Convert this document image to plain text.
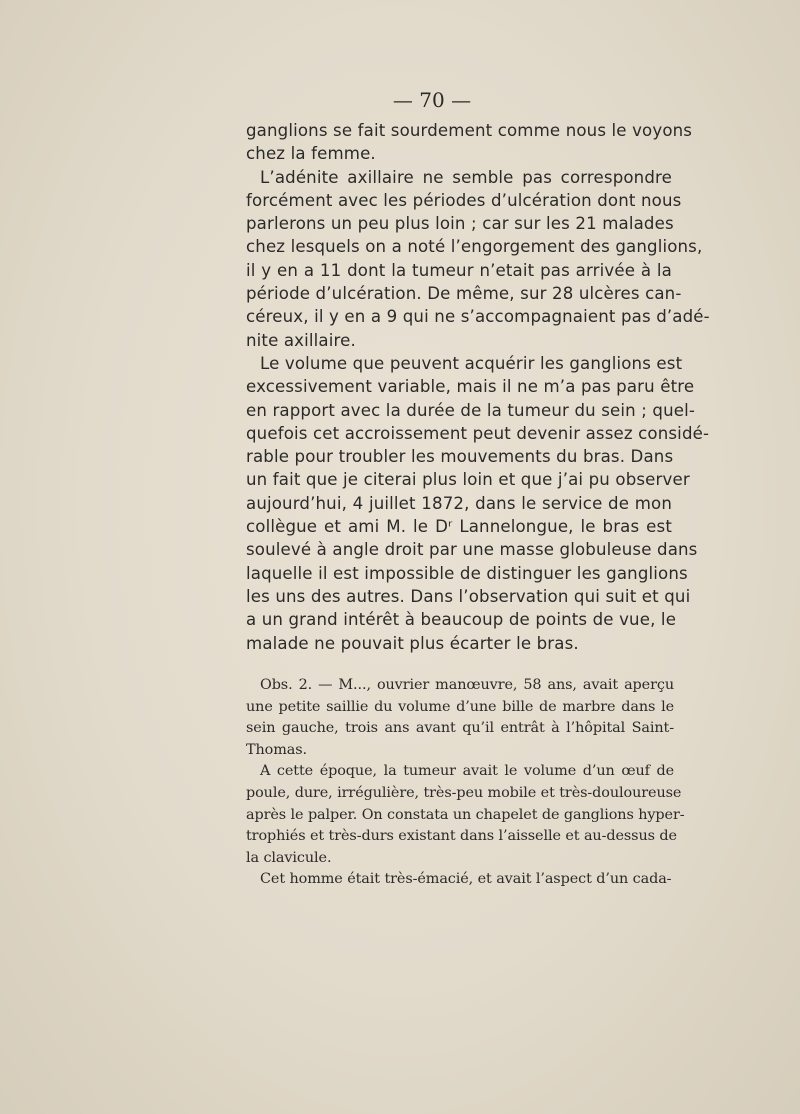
— 70 —
ganglions se fait sourdement comme nous le voyons
chez la femme.
L’adénite axillaire ne semble pas correspondre
forcément avec les périodes d’ulcération dont nous
parlerons un peu plus loin ; car sur les 21 malades
chez lesquels on a noté l’engorgement des ganglions,
il y en a 11 dont la tumeur n’etait pas arrivée à la
période d’ulcération. De même, sur 28 ulcères can-
céreux, il y en a 9 qui ne s’accompagnaient pas d’adé-
nite axillaire.
Le volume que peuvent acquérir les ganglions est
excessivement variable, mais il ne m’a pas paru être
en rapport avec la durée de la tumeur du sein ; quel-
quefois cet accroissement peut devenir assez considé-
rable pour troubler les mouvements du bras. Dans
un fait que je citerai plus loin et que j’ai pu observer
aujourd’hui, 4 juillet 1872, dans le service de mon
collègue et ami M. le Dʳ Lannelongue, le bras est
soulevé à angle droit par une masse globuleuse dans
laquelle il est impossible de distinguer les ganglions
les uns des autres. Dans l’observation qui suit et qui
a un grand intérêt à beaucoup de points de vue, le
malade ne pouvait plus écarter le bras.
Obs. 2. — M..., ouvrier manœuvre, 58 ans, avait aperçu
une petite saillie du volume d’une bille de marbre dans le
sein gauche, trois ans avant qu’il entrât à l’hôpital Saint-
Thomas.
A cette époque, la tumeur avait le volume d’un œuf de
poule, dure, irrégulière, très-peu mobile et très-douloureuse
après le palper. On constata un chapelet de ganglions hyper-
trophiés et très-durs existant dans l’aisselle et au-dessus de
la clavicule.
Cet homme était très-émacié, et avait l’aspect d’un cada-
